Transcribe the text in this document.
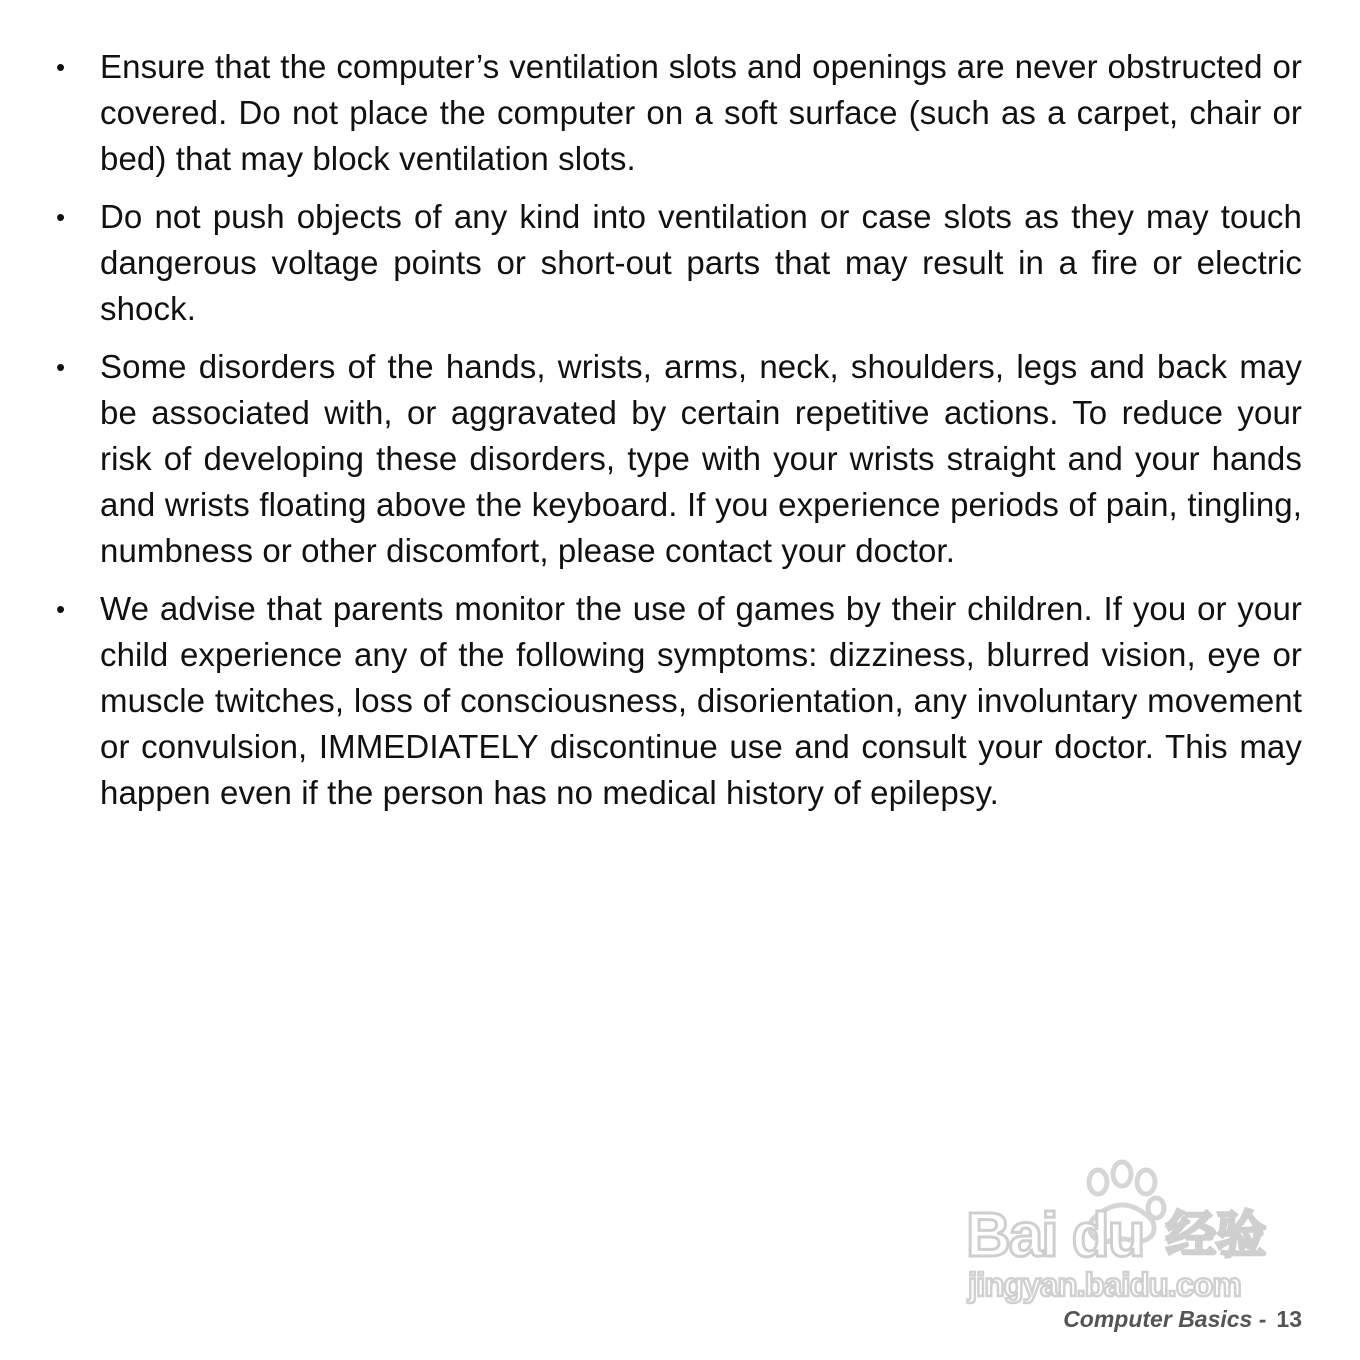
•	Ensure that the computer’s ventilation slots and openings are never obstructed or covered. Do not place the computer on a soft surface (such as a carpet, chair or bed) that may block ventilation slots.
•	Do not push objects of any kind into ventilation or case slots as they may touch dangerous voltage points or short-out parts that may result in a fire or electric shock.
•	Some disorders of the hands, wrists, arms, neck, shoulders, legs and back may be associated with, or aggravated by certain repetitive actions. To reduce your risk of developing these disorders, type with your wrists straight and your hands and wrists floating above the keyboard. If you experience periods of pain, tingling, numbness or other discomfort, please contact your doctor.
•	We advise that parents monitor the use of games by their children. If you or your child experience any of the following symptoms: dizziness, blurred vision, eye or muscle twitches, loss of consciousness, disorientation, any involuntary movement or convulsion, IMMEDIATELY discontinue use and consult your doctor. This may happen even if the person has no medical history of epilepsy.
Bai du 经验
jingyan.baidu.com
Computer Basics - 13
